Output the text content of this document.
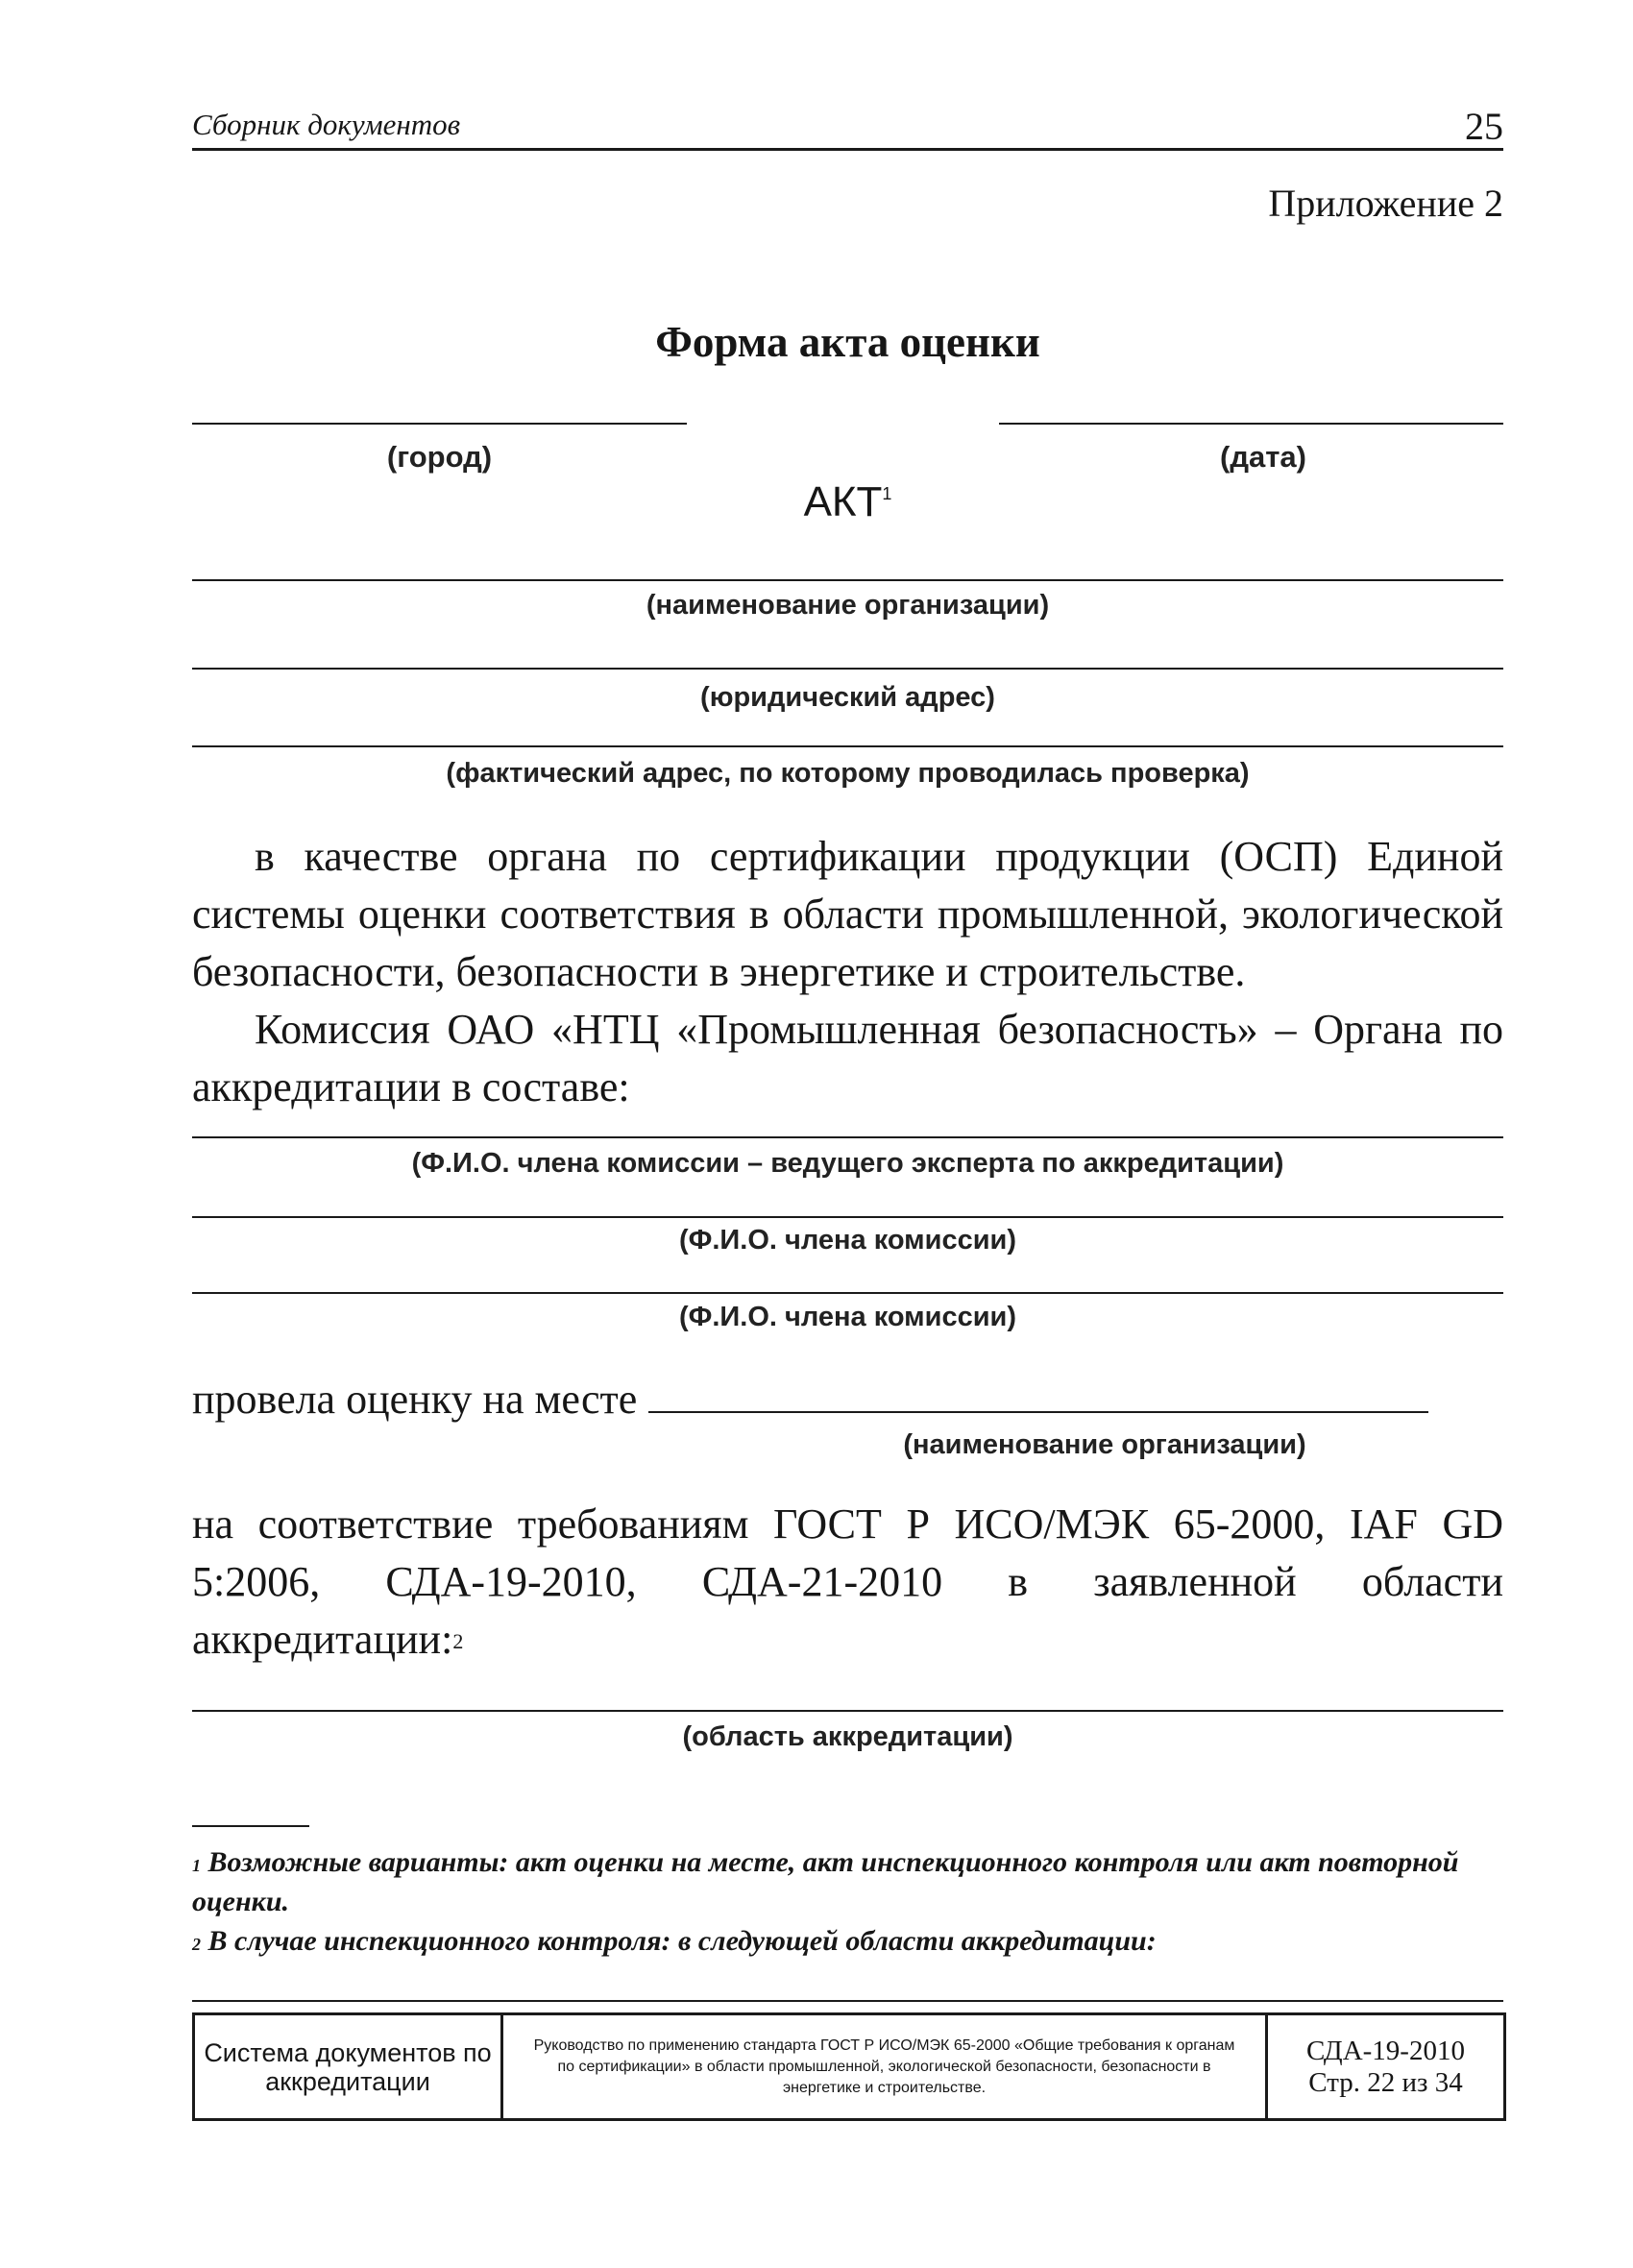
Сборник документов	25
Приложение 2
Форма акта оценки
(город)	(дата)
АКТ$^1$
(наименование организации)
(юридический адрес)
(фактический адрес, по которому проводилась проверка)

в качестве органа по сертификации продукции (ОСП) Единой системы оценки соответствия в области промышленной, экологической безопасности, безопасности в энергетике и строительстве.

Комиссия ОАО «НТЦ «Промышленная безопасность» – Органа по аккредитации в составе:

(Ф.И.О. члена комиссии – ведущего эксперта по аккредитации)
(Ф.И.О. члена комиссии)
(Ф.И.О. члена комиссии)
провела оценку на месте
(наименование организации)

на соответствие требованиям ГОСТ Р ИСО/МЭК 65-2000, IAF GD 5:2006, СДА-19-2010, СДА-21-2010 в заявленной области аккредитации:$^2$

(область аккредитации)
$^1$ Возможные варианты: акт оценки на месте, акт инспекционного контроля или акт повторной оценки.
$^2$ В случае инспекционного контроля: в следующей области аккредитации:
Система документов по аккредитации
Руководство по применению стандарта ГОСТ Р ИСО/МЭК 65-2000 «Общие требования к органам по сертификации» в области промышленной, экологической безопасности, безопасности в энергетике и строительстве.
СДА-19-2010
Стр. 22 из 34
